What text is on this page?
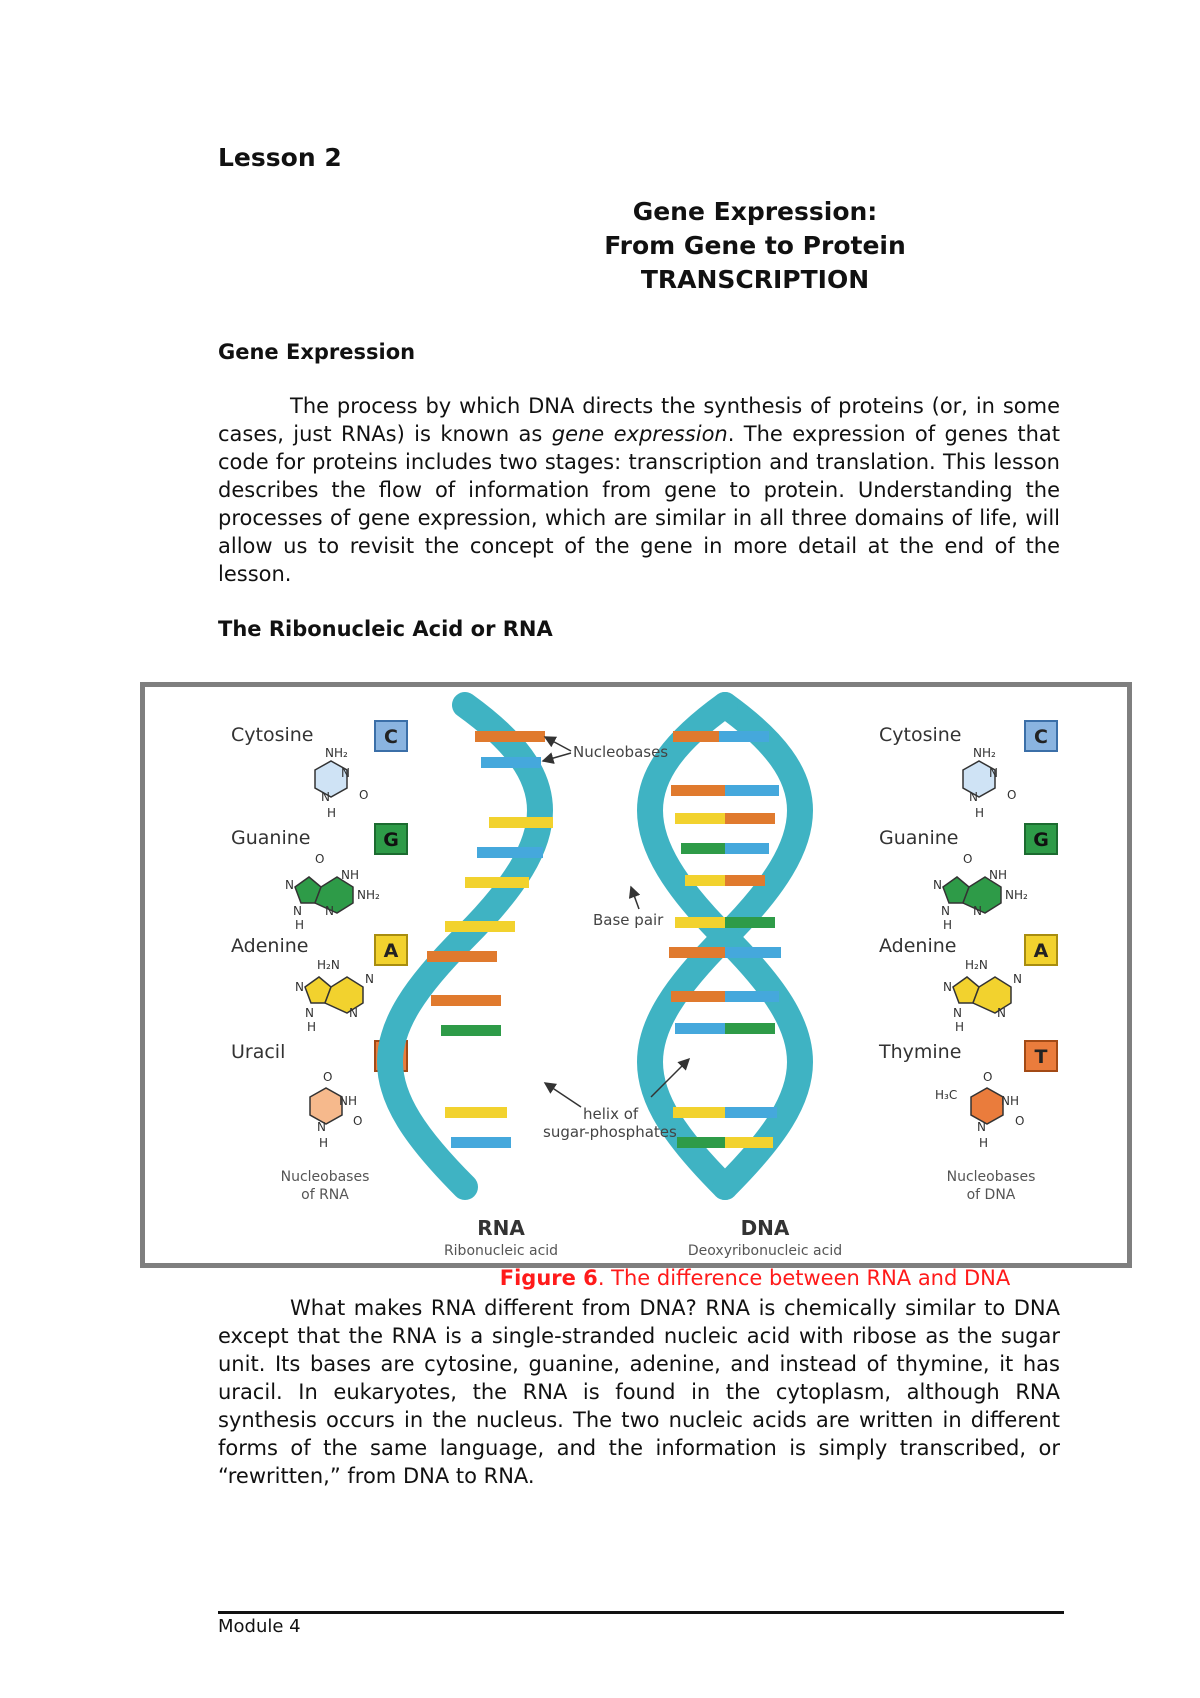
Lesson 2
Gene Expression:
From Gene to Protein
TRANSCRIPTION
Gene Expression
The process by which DNA directs the synthesis of proteins (or, in some cases, just RNAs) is known as gene expression. The expression of genes that code for proteins includes two stages: transcription and translation. This lesson describes the flow of information from gene to protein. Understanding the processes of gene expression, which are similar in all three domains of life, will allow us to revisit the concept of the gene in more detail at the end of the lesson.
The Ribonucleic Acid or RNA
Cytosine	C
NH₂
N
O
N
H
Guanine	G
O
NH
NH₂
N
N N
H
Adenine	A
H₂N
N
N
N	N
H
Uracil	U
O
NH
O
N
H
Nucleobases
of RNA
RNA
Ribonucleic acid
DNA
Deoxyribonucleic acid
Nucleobases
Base pair
helix of
sugar-phosphates
Cytosine	C
NH₂
N
O
N
H
Guanine	G
O
NH
NH₂
N
N N
H
Adenine	A
H₂N
N
N
N	N
H
Thymine	T
O
H₃C	NH
O
N
H
Nucleobases
of DNA
Figure 6. The difference between RNA and DNA
What makes RNA different from DNA? RNA is chemically similar to DNA except that the RNA is a single-stranded nucleic acid with ribose as the sugar unit. Its bases are cytosine, guanine, adenine, and instead of thymine, it has uracil. In eukaryotes, the RNA is found in the cytoplasm, although RNA synthesis occurs in the nucleus. The two nucleic acids are written in different forms of the same language, and the information is simply transcribed, or “rewritten,” from DNA to RNA.
Module 4
